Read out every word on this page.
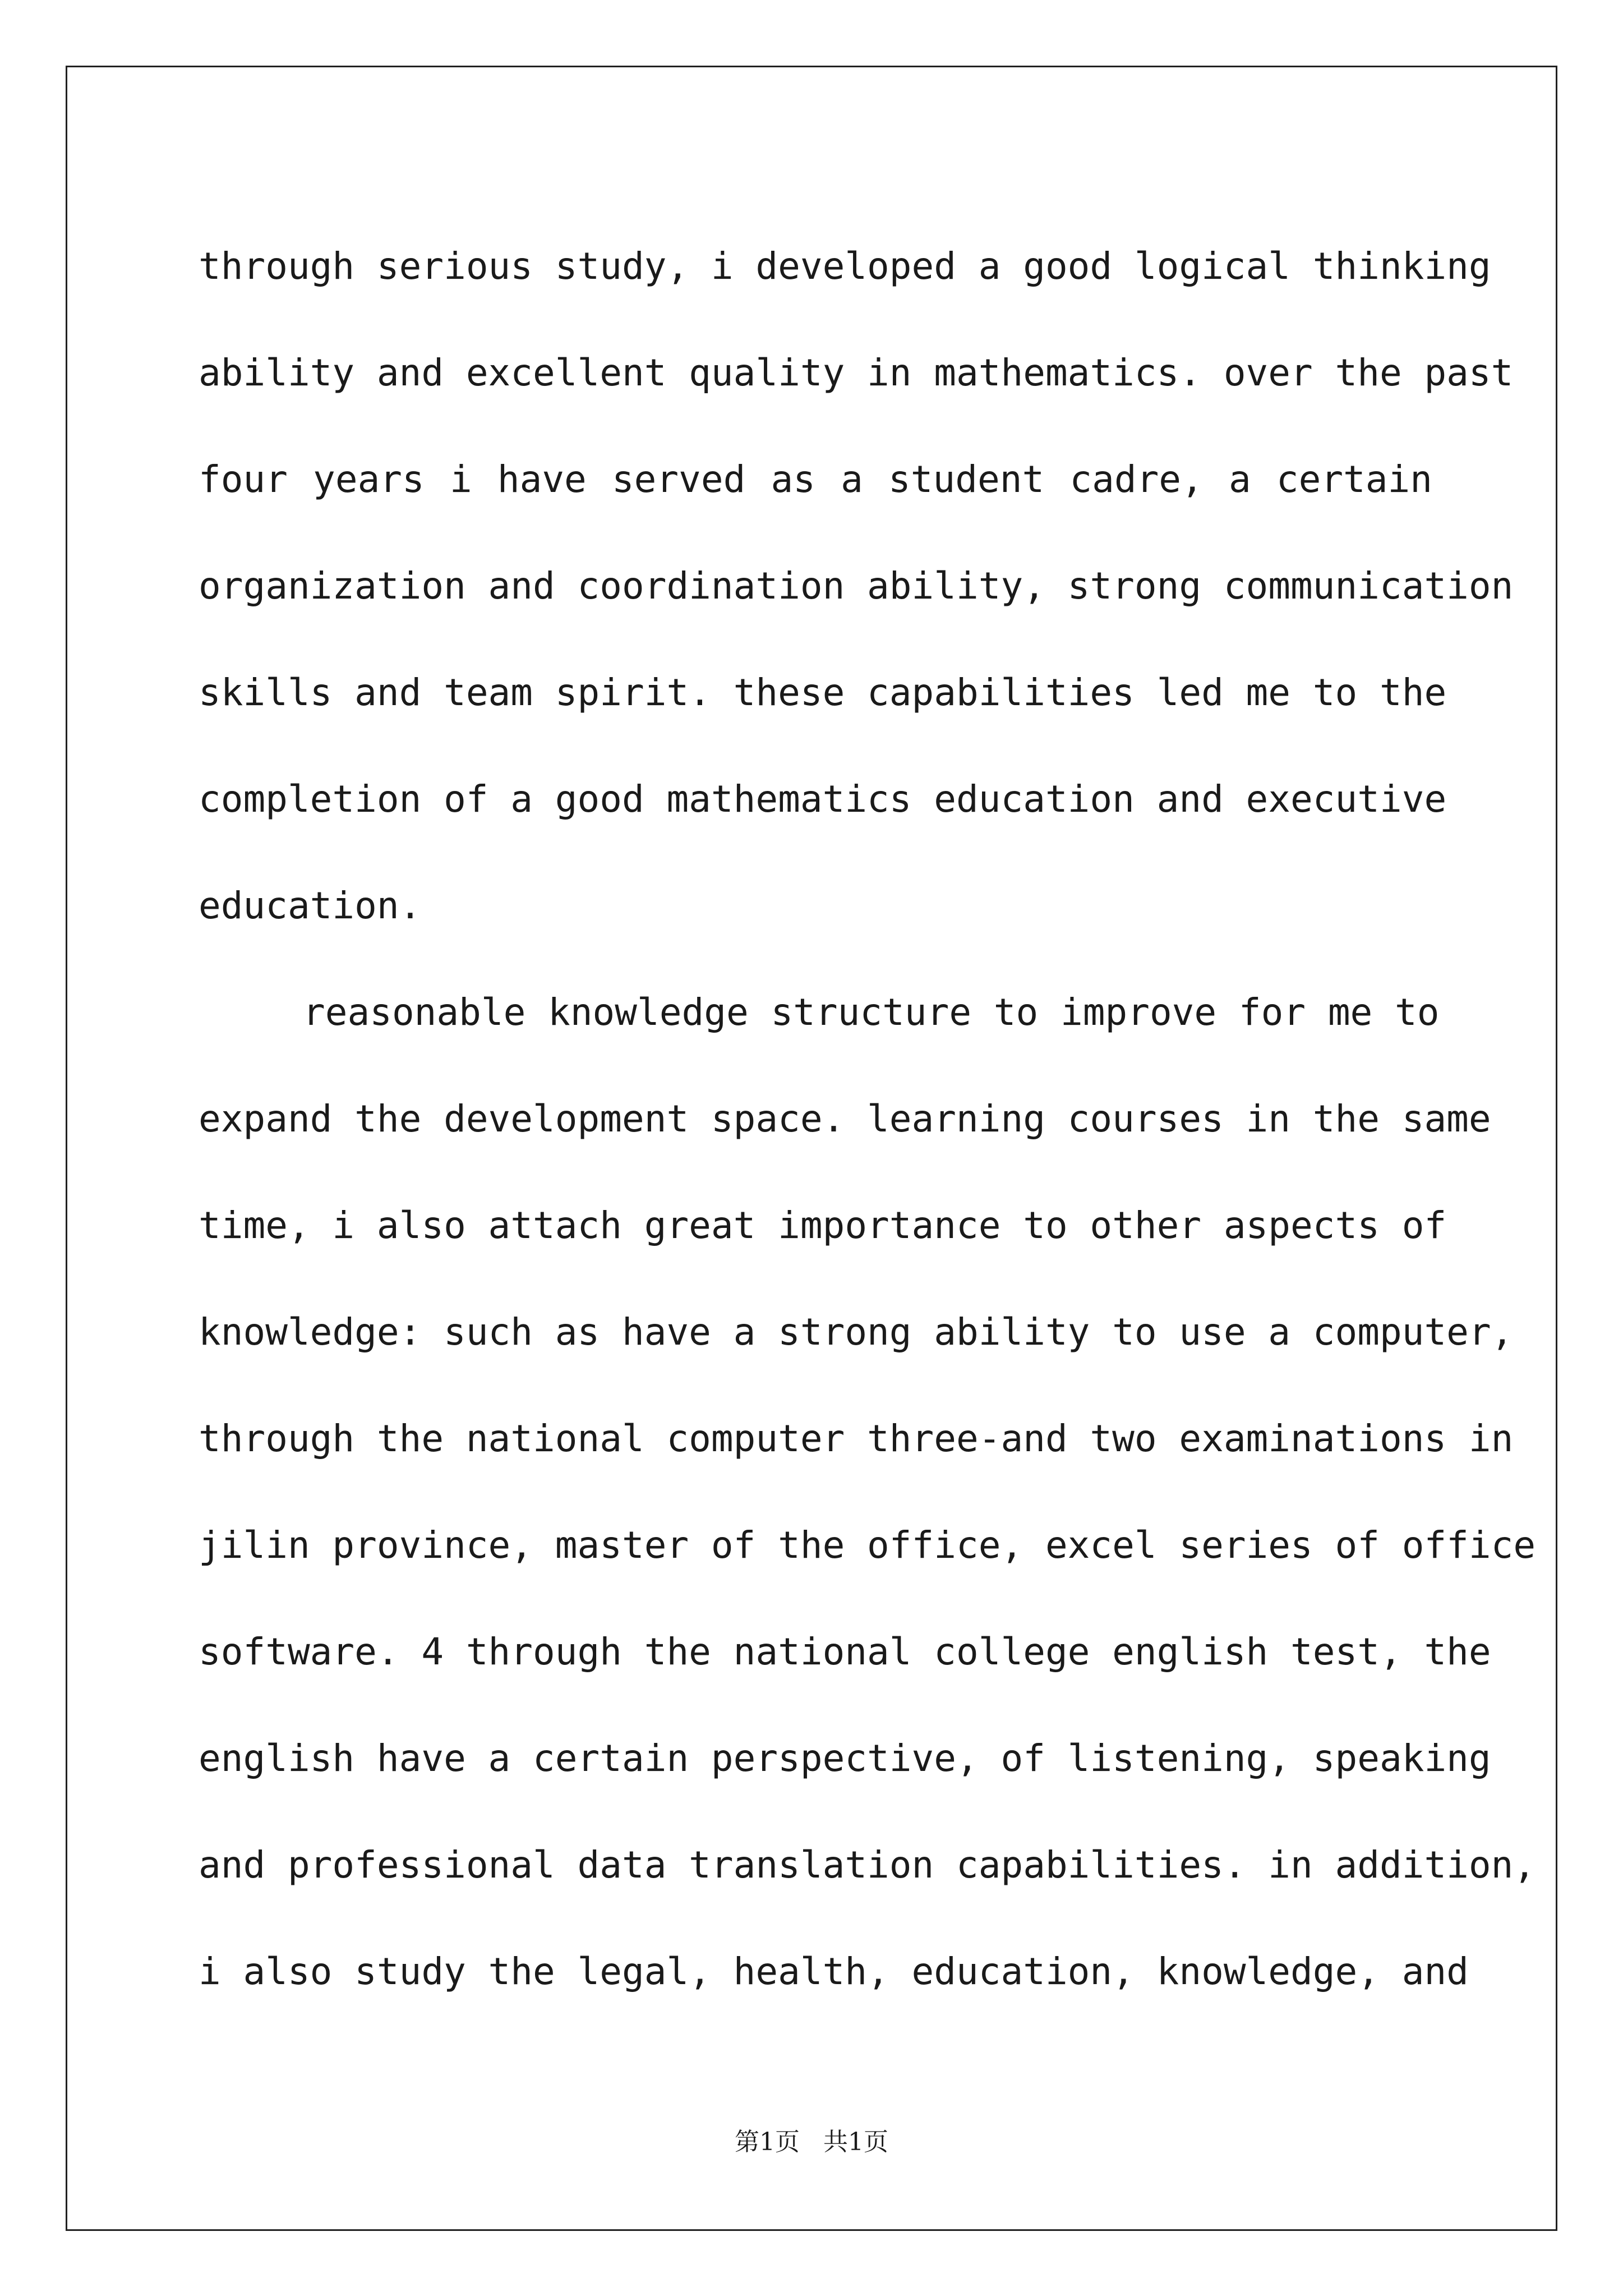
through serious study, i developed a good logical thinking
ability and excellent quality in mathematics. over the past
four years i have served as a student cadre, a certain
organization and coordination ability, strong communication
skills and team spirit. these capabilities led me to the
completion of a good mathematics education and executive
education.

reasonable knowledge structure to improve for me to
expand the development space. learning courses in the same
time, i also attach great importance to other aspects of
knowledge: such as have a strong ability to use a computer,
through the national computer three-and two examinations in
jilin province, master of the office, excel series of office
software. 4 through the national college english test, the
english have a certain perspective, of listening, speaking
and professional data translation capabilities. in addition,
i also study the legal, health, education, knowledge, and

第1页   共1页
